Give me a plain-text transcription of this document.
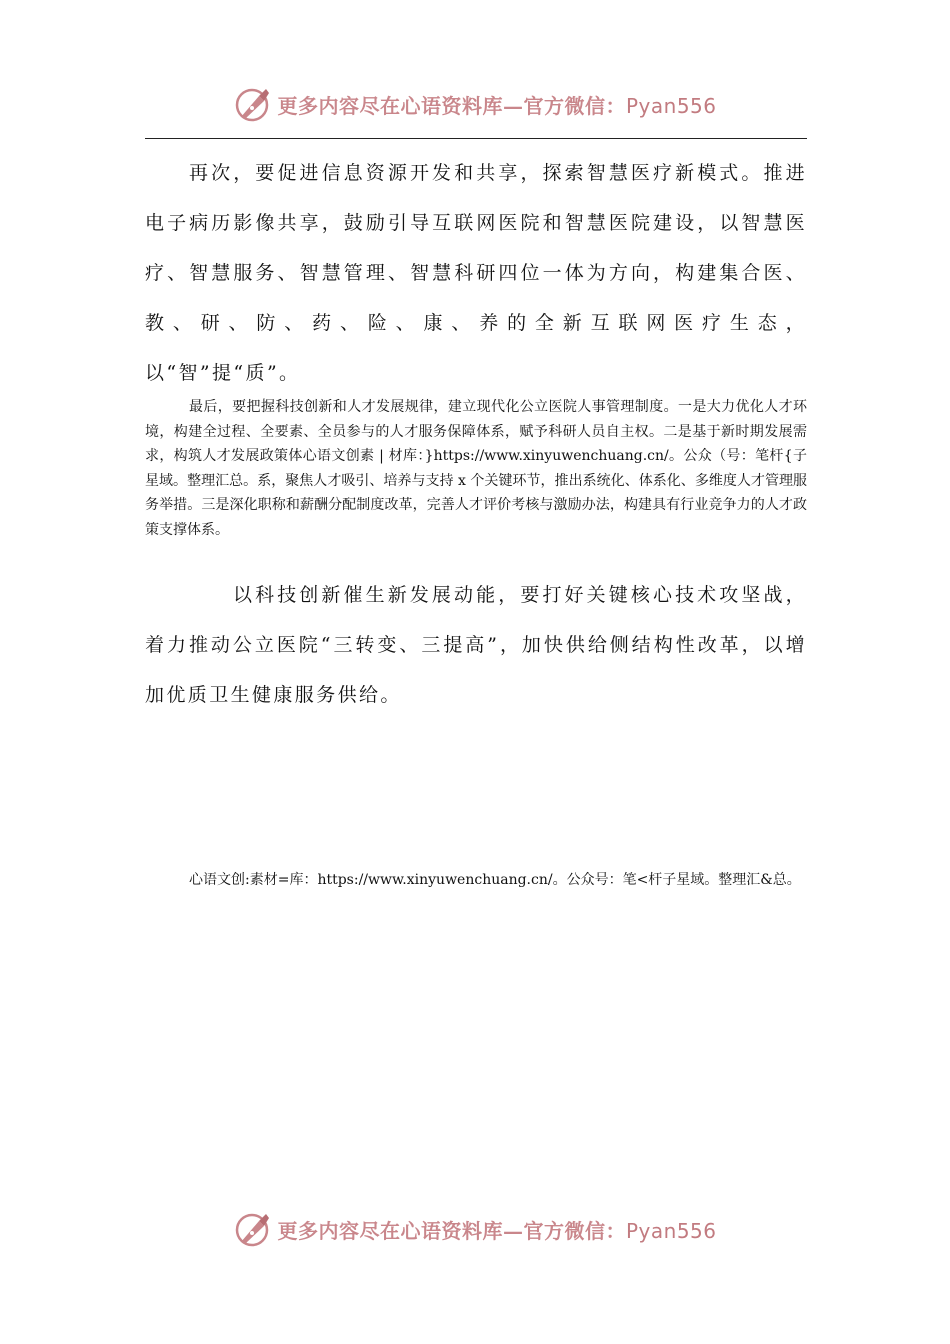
更多内容尽在心语资料库—官方微信：Pyan556

再次，要促进信息资源开发和共享，探索智慧医疗新模式。推进电子病历影像共享，鼓励引导互联网医院和智慧医院建设，以智慧医疗、智慧服务、智慧管理、智慧科研四位一体为方向，构建集合医、教、研、防、药、险、康、养的全新互联网医疗生态，以“智”提“质”。

最后，要把握科技创新和人才发展规律，建立现代化公立医院人事管理制度。一是大力优化人才环境，构建全过程、全要素、全员参与的人才服务保障体系，赋予科研人员自主权。二是基于新时期发展需求，构筑人才发展政策体心语文创素 | 材库：}https://www.xinyuwenchuang.cn/。公众（号：笔杆{子星域。整理汇总。系，聚焦人才吸引、培养与支持 x 个关键环节，推出系统化、体系化、多维度人才管理服务举措。三是深化职称和薪酬分配制度改革，完善人才评价考核与激励办法，构建具有行业竞争力的人才政策支撑体系。

以科技创新催生新发展动能，要打好关键核心技术攻坚战，着力推动公立医院“三转变、三提高”，加快供给侧结构性改革，以增加优质卫生健康服务供给。

心语文创:素材=库：https://www.xinyuwenchuang.cn/。公众号：笔<杆子星域。整理汇&总。

更多内容尽在心语资料库—官方微信：Pyan556
